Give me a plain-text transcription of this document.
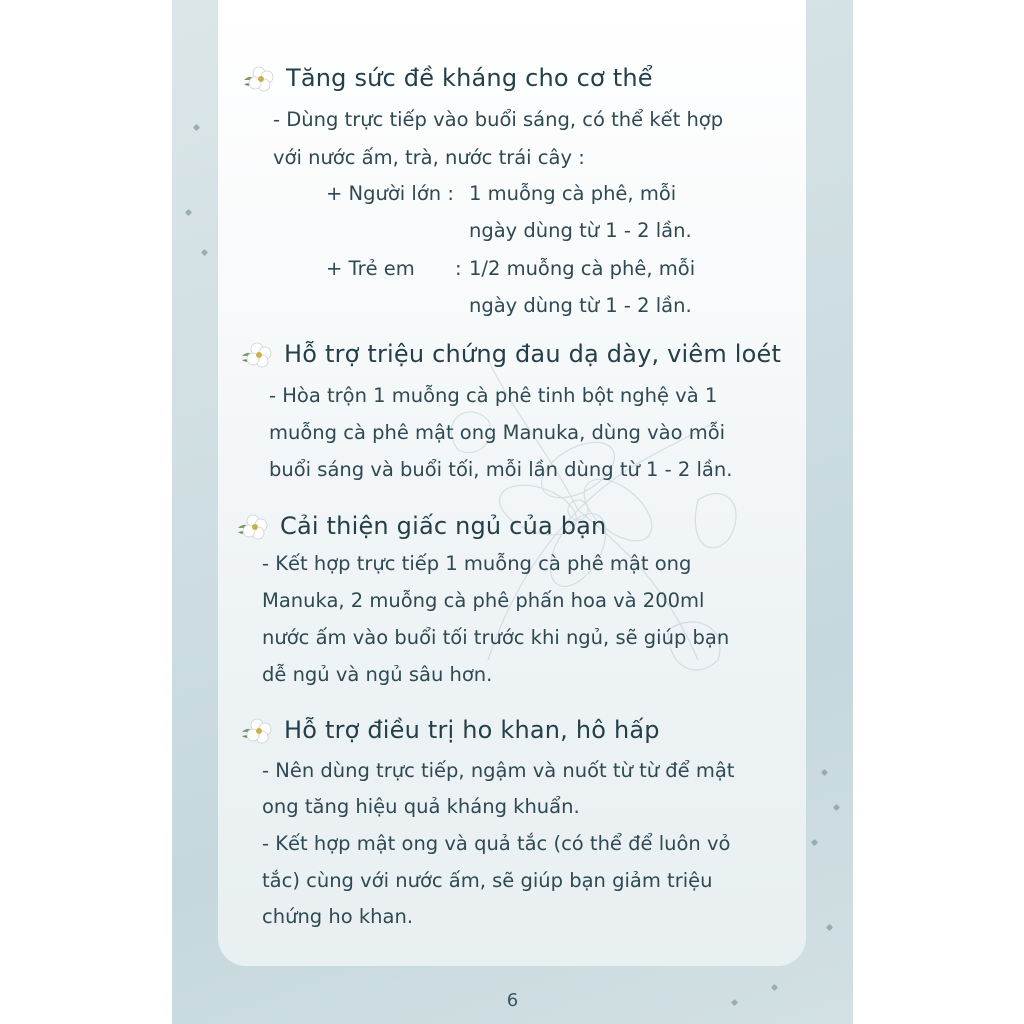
Tăng sức đề kháng cho cơ thể
- Dùng trực tiếp vào buổi sáng, có thể kết hợp
với nước ấm, trà, nước trái cây :
+ Người lớn : 1 muỗng cà phê, mỗi
ngày dùng từ 1 - 2 lần.
+ Trẻ em : 1/2 muỗng cà phê, mỗi
ngày dùng từ 1 - 2 lần.
Hỗ trợ triệu chứng đau dạ dày, viêm loét
- Hòa trộn 1 muỗng cà phê tinh bột nghệ và 1
muỗng cà phê mật ong Manuka, dùng vào mỗi
buổi sáng và buổi tối, mỗi lần dùng từ 1 - 2 lần.
Cải thiện giấc ngủ của bạn
- Kết hợp trực tiếp 1 muỗng cà phê mật ong
Manuka, 2 muỗng cà phê phấn hoa và 200ml
nước ấm vào buổi tối trước khi ngủ, sẽ giúp bạn
dễ ngủ và ngủ sâu hơn.
Hỗ trợ điều trị ho khan, hô hấp
- Nên dùng trực tiếp, ngậm và nuốt từ từ để mật
ong tăng hiệu quả kháng khuẩn.
- Kết hợp mật ong và quả tắc (có thể để luôn vỏ
tắc) cùng với nước ấm, sẽ giúp bạn giảm triệu
chứng ho khan.
6
